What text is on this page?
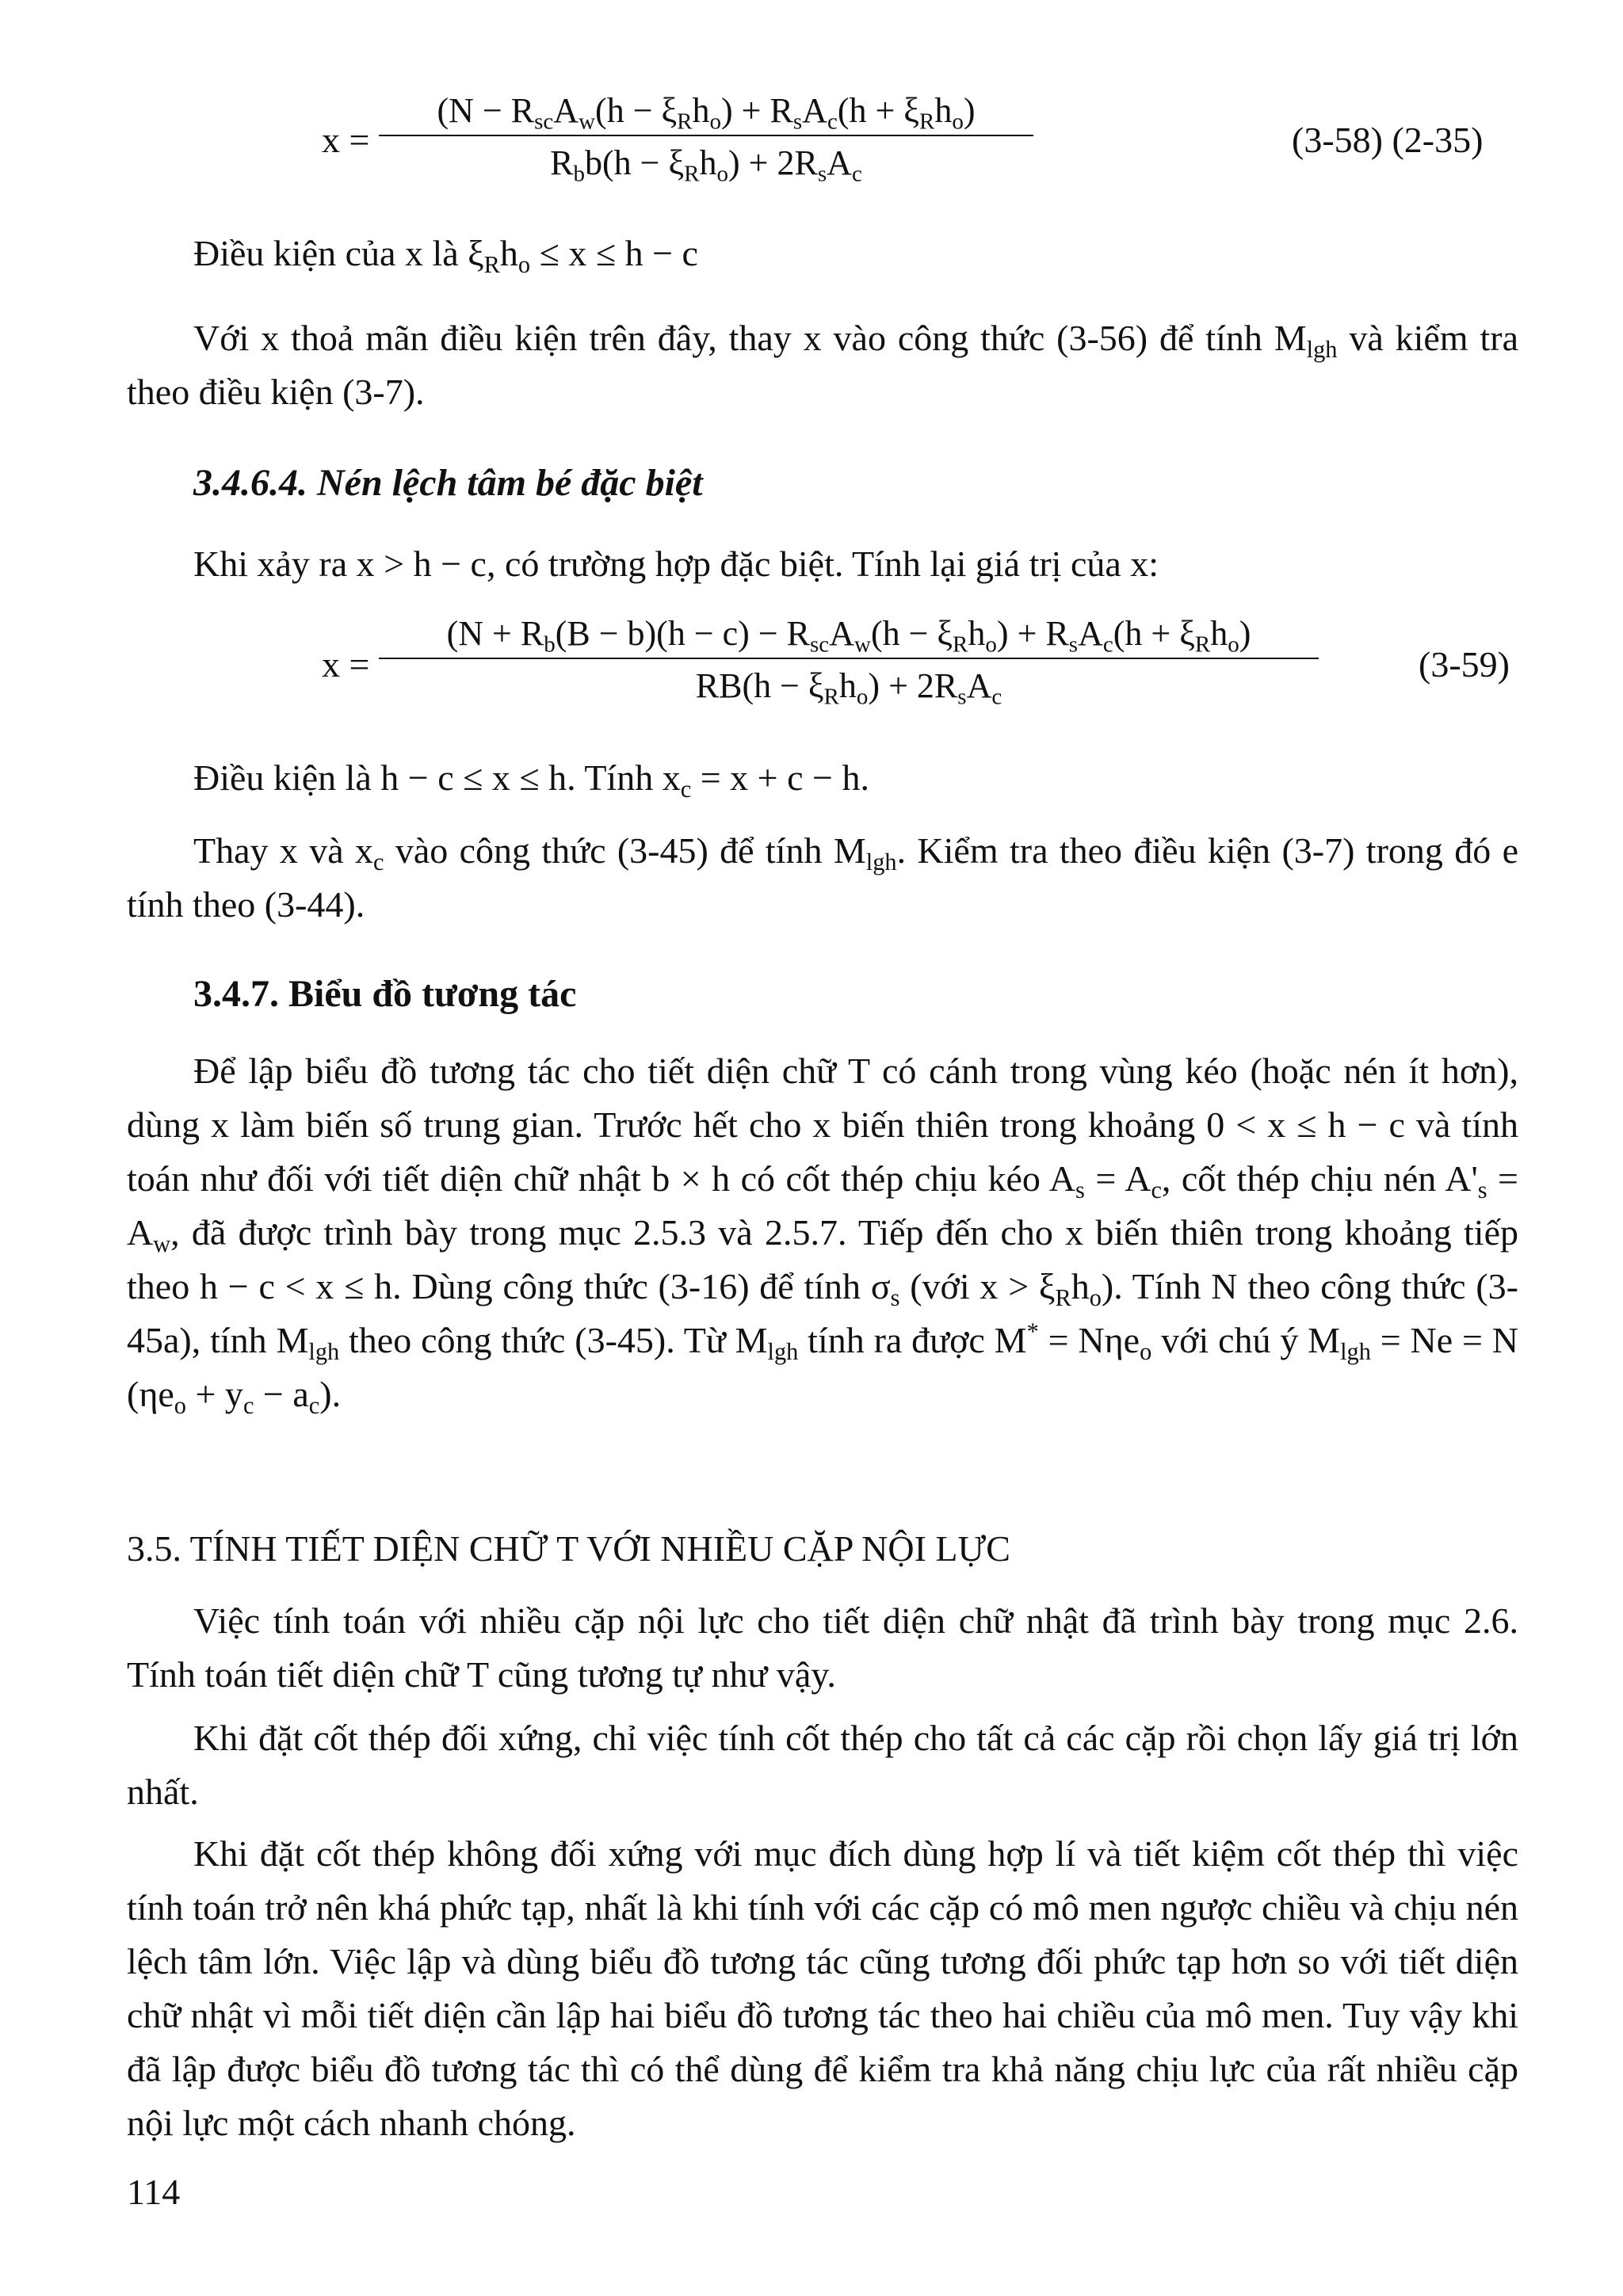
x =
($N - R_{sc}A_w(h - \xi_Rh_o) + R_sA_c(h + \xi_Rh_o)$
$R_bb(h - \xi_Rh_o) + 2R_sA_c$
(3-58) (2-35)

Điều kiện của x là $\xi_Rh_o \le x \le h - c$

Với x thoả mãn điều kiện trên đây, thay x vào công thức (3-56) để tính $M_{lgh}$ và kiểm tra theo điều kiện (3-7).

3.4.6.4. Nén lệch tâm bé đặc biệt

Khi xảy ra x > h − c, có trường hợp đặc biệt. Tính lại giá trị của x:

x =
($N + R_b(B - b)(h - c) - R_{sc}A_w(h - \xi_Rh_o) + R_sA_c(h + \xi_Rh_o)$
$RB(h - \xi_Rh_o) + 2R_sA_c$
(3-59)

Điều kiện là h − c ≤ x ≤ h. Tính $x_c = x + c - h$.

Thay x và $x_c$ vào công thức (3-45) để tính $M_{lgh}$. Kiểm tra theo điều kiện (3-7) trong đó e tính theo (3-44).

3.4.7. Biểu đồ tương tác

Để lập biểu đồ tương tác cho tiết diện chữ T có cánh trong vùng kéo (hoặc nén ít hơn), dùng x làm biến số trung gian. Trước hết cho x biến thiên trong khoảng 0 < x ≤ h − c và tính toán như đối với tiết diện chữ nhật b × h có cốt thép chịu kéo $A_s = A_c$, cốt thép chịu nén $A'_s = A_w$, đã được trình bày trong mục 2.5.3 và 2.5.7. Tiếp đến cho x biến thiên trong khoảng tiếp theo h − c < x ≤ h. Dùng công thức (3-16) để tính $\sigma_s$ (với $x > \xi_Rh_o$). Tính N theo công thức (3-45a), tính $M_{lgh}$ theo công thức (3-45). Từ $M_{lgh}$ tính ra được M* = Nηe$_o$ với chú ý $M_{lgh} = Ne = N$ $(\eta e_o + y_c - a_c)$.

3.5. TÍNH TIẾT DIỆN CHỮ T VỚI NHIỀU CẶP NỘI LỰC

Việc tính toán với nhiều cặp nội lực cho tiết diện chữ nhật đã trình bày trong mục 2.6. Tính toán tiết diện chữ T cũng tương tự như vậy.

Khi đặt cốt thép đối xứng, chỉ việc tính cốt thép cho tất cả các cặp rồi chọn lấy giá trị lớn nhất.

Khi đặt cốt thép không đối xứng với mục đích dùng hợp lí và tiết kiệm cốt thép thì việc tính toán trở nên khá phức tạp, nhất là khi tính với các cặp có mô men ngược chiều và chịu nén lệch tâm lớn. Việc lập và dùng biểu đồ tương tác cũng tương đối phức tạp hơn so với tiết diện chữ nhật vì mỗi tiết diện cần lập hai biểu đồ tương tác theo hai chiều của mô men. Tuy vậy khi đã lập được biểu đồ tương tác thì có thể dùng để kiểm tra khả năng chịu lực của rất nhiều cặp nội lực một cách nhanh chóng.

114
